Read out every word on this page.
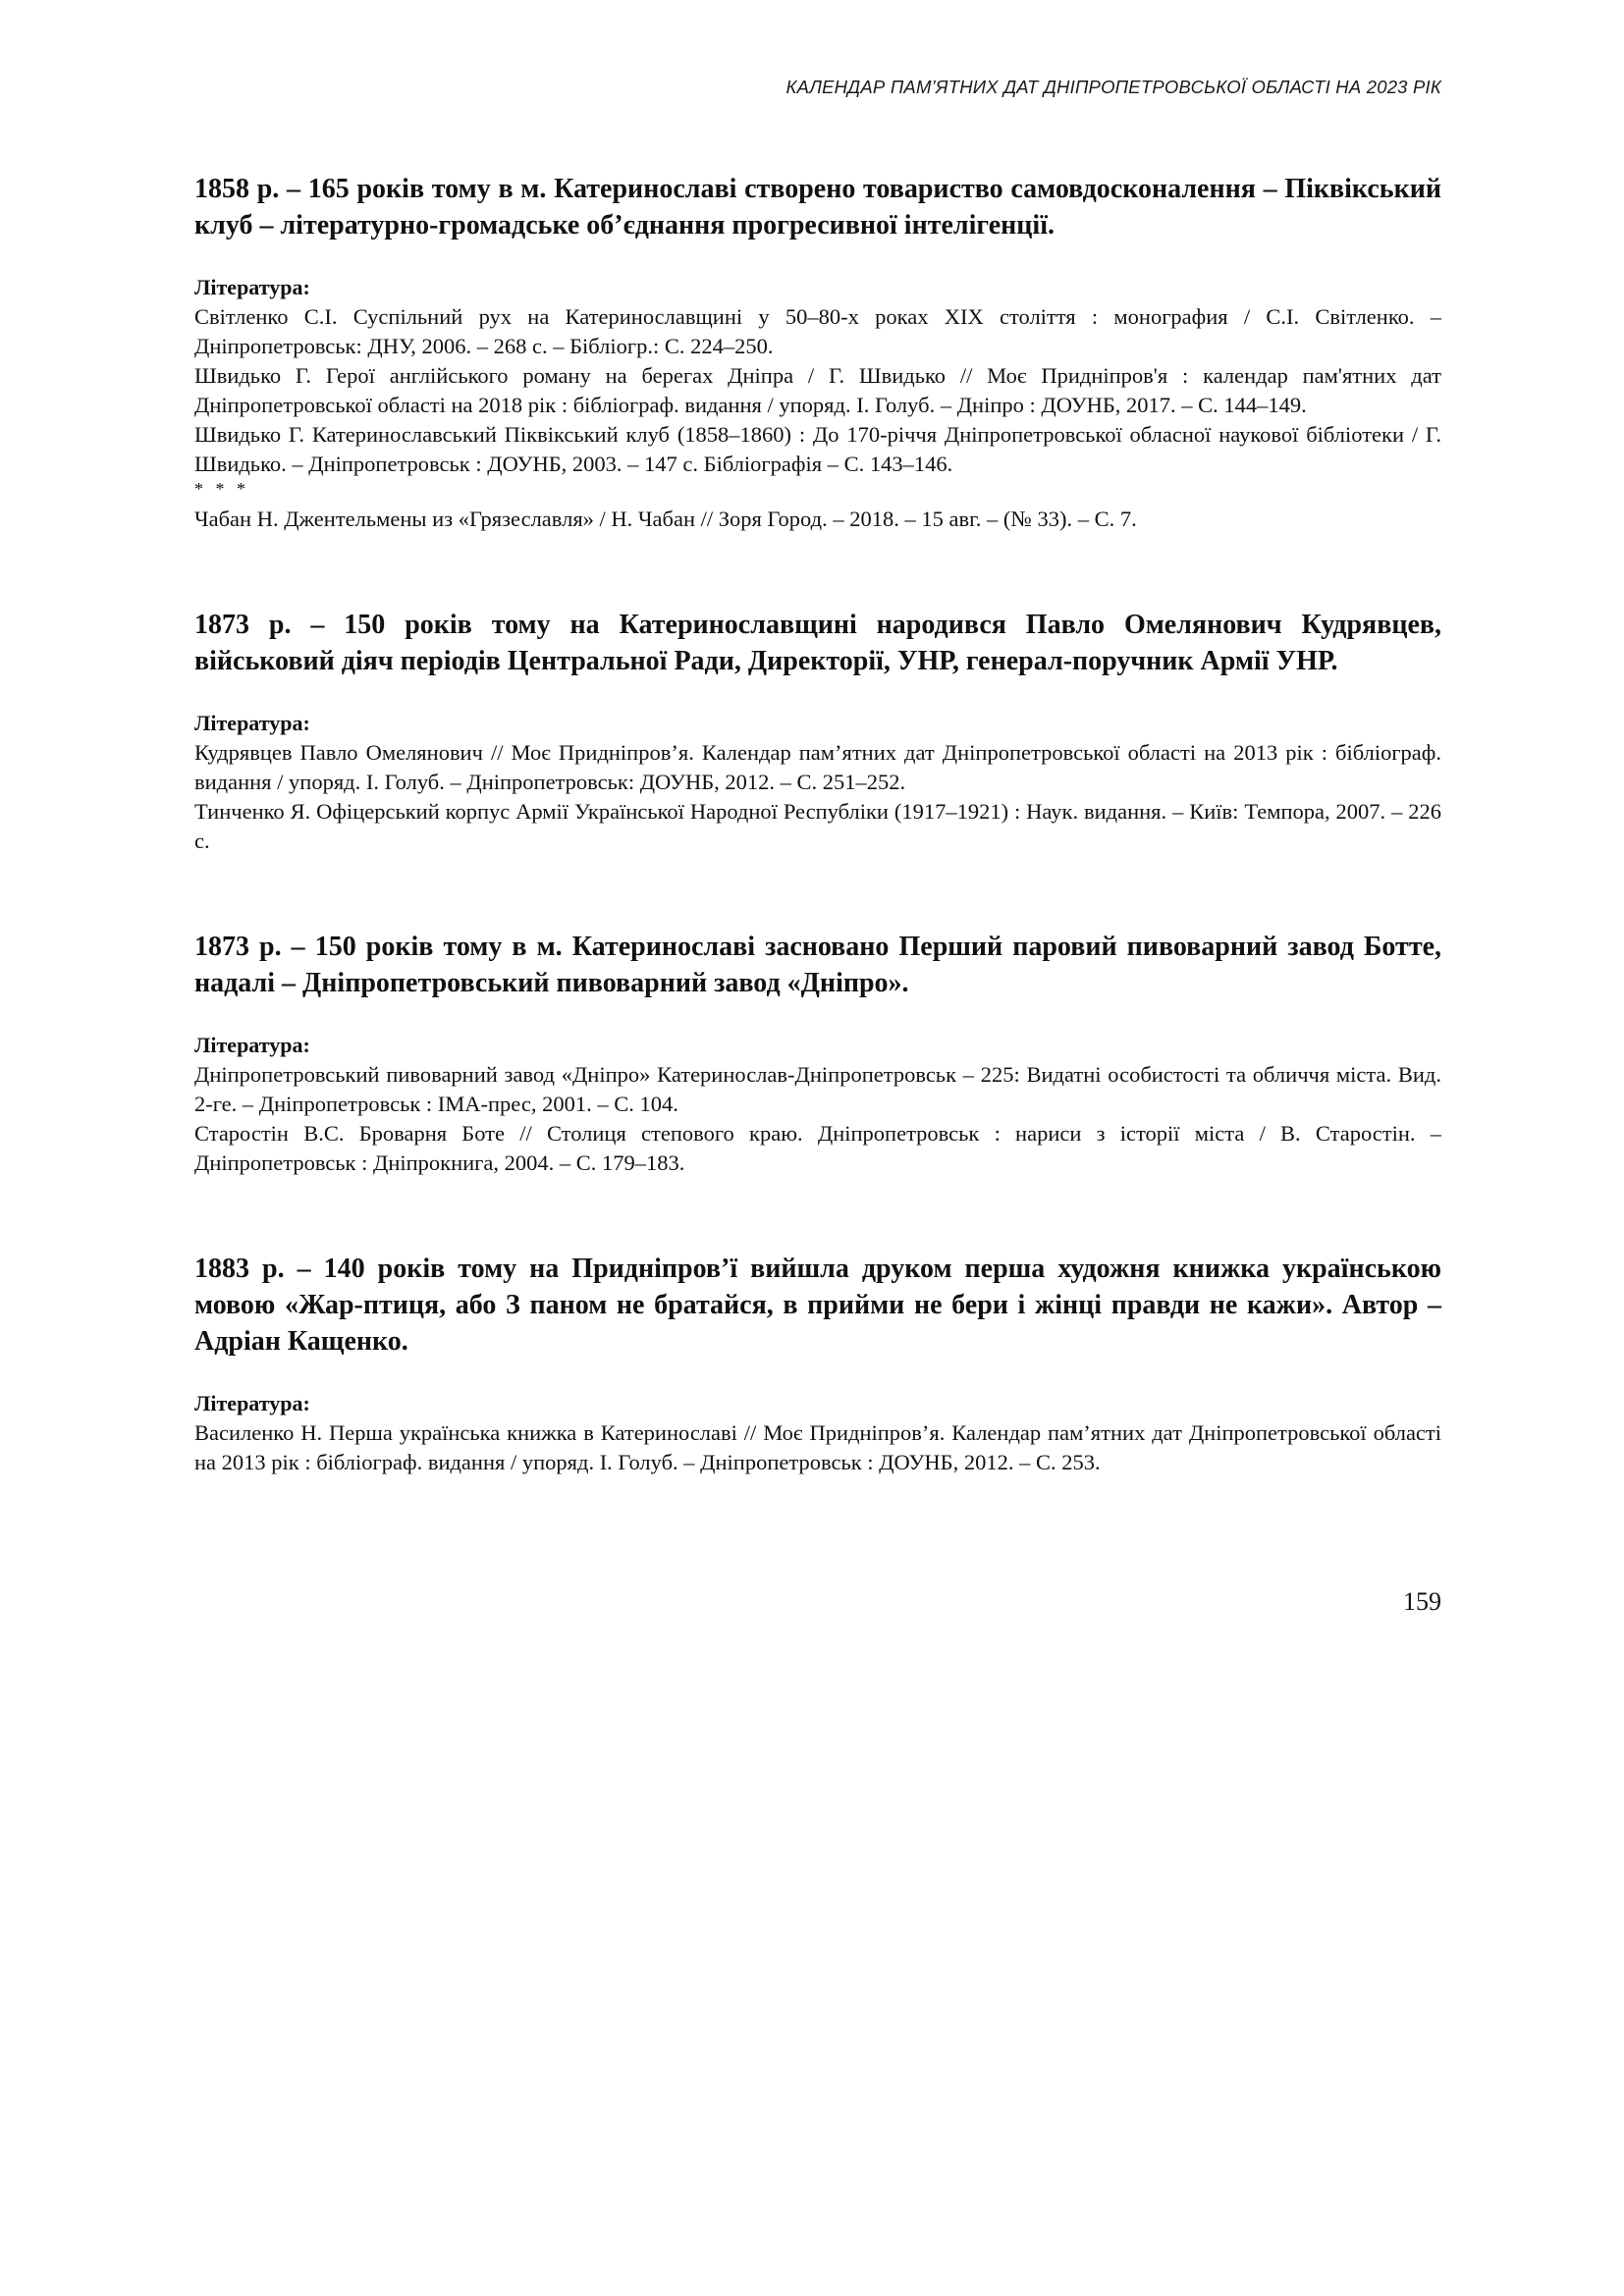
КАЛЕНДАР ПАМ’ЯТНИХ ДАТ ДНІПРОПЕТРОВСЬКОЇ ОБЛАСТІ НА 2023 РІК

1858 р. – 165 років тому в м. Катеринославі створено товариство самовдосконалення – Піквікський клуб – літературно-громадське об’єднання прогресивної інтелігенції.

Література:

Світленко С.І. Суспільний рух на Катеринославщині у 50–80-х роках XIX століття : монография / С.І. Світленко. – Дніпропетровськ: ДНУ, 2006. – 268 с. – Бібліогр.: С. 224–250.

Швидько Г. Герої англійського роману на берегах Дніпра / Г. Швидько // Моє Придніпров'я : календар пам'ятних дат Дніпропетровської області на 2018 рік : бібліограф. видання / упоряд. І. Голуб. – Дніпро : ДОУНБ, 2017. – С. 144–149.

Швидько Г. Катеринославський Піквікський клуб (1858–1860) : До 170-річчя Дніпропетровської обласної наукової бібліотеки / Г. Швидько. – Дніпропетровськ : ДОУНБ, 2003. – 147 с. Бібліографія – С. 143–146.

* * *

Чабан Н. Джентельмены из «Грязеславля» / Н. Чабан // Зоря Город. – 2018. – 15 авг. – (№ 33). – С. 7.

1873 р. – 150 років тому на Катеринославщині народився Павло Омелянович Кудрявцев, військовий діяч періодів Центральної Ради, Директорії, УНР, генерал-поручник Армії УНР.

Література:

Кудрявцев Павло Омелянович // Моє Придніпров’я. Календар пам’ятних дат Дніпропетровської області на 2013 рік : бібліограф. видання / упоряд. І. Голуб. – Дніпропетровськ: ДОУНБ, 2012. – С. 251–252.

Тинченко Я. Офіцерський корпус Армії Української Народної Республіки (1917–1921) : Наук. видання. – Київ: Темпора, 2007. – 226 с.

1873 р. – 150 років тому в м. Катеринославі засновано Перший паровий пивоварний завод Ботте, надалі – Дніпропетровський пивоварний завод «Дніпро».

Література:

Дніпропетровський пивоварний завод «Дніпро» Катеринослав-Дніпропетровськ – 225: Видатні особистості та обличчя міста. Вид. 2-ге. – Дніпропетровськ : ІМА-прес, 2001. – С. 104.

Старостін В.С. Броварня Боте // Столиця степового краю. Дніпропетровськ : нариси з історії міста / В. Старостін. – Дніпропетровськ : Дніпрокнига, 2004. – С. 179–183.

1883 р. – 140 років тому на Придніпров’ї вийшла друком перша художня книжка українською мовою «Жар-птиця, або З паном не братайся, в прийми не бери і жінці правди не кажи». Автор – Адріан Кащенко.

Література:

Василенко Н. Перша українська книжка в Катеринославі // Моє Придніпров’я. Календар пам’ятних дат Дніпропетровської області на 2013 рік : бібліограф. видання / упоряд. І. Голуб. – Дніпропетровськ : ДОУНБ, 2012. – С. 253.

159
